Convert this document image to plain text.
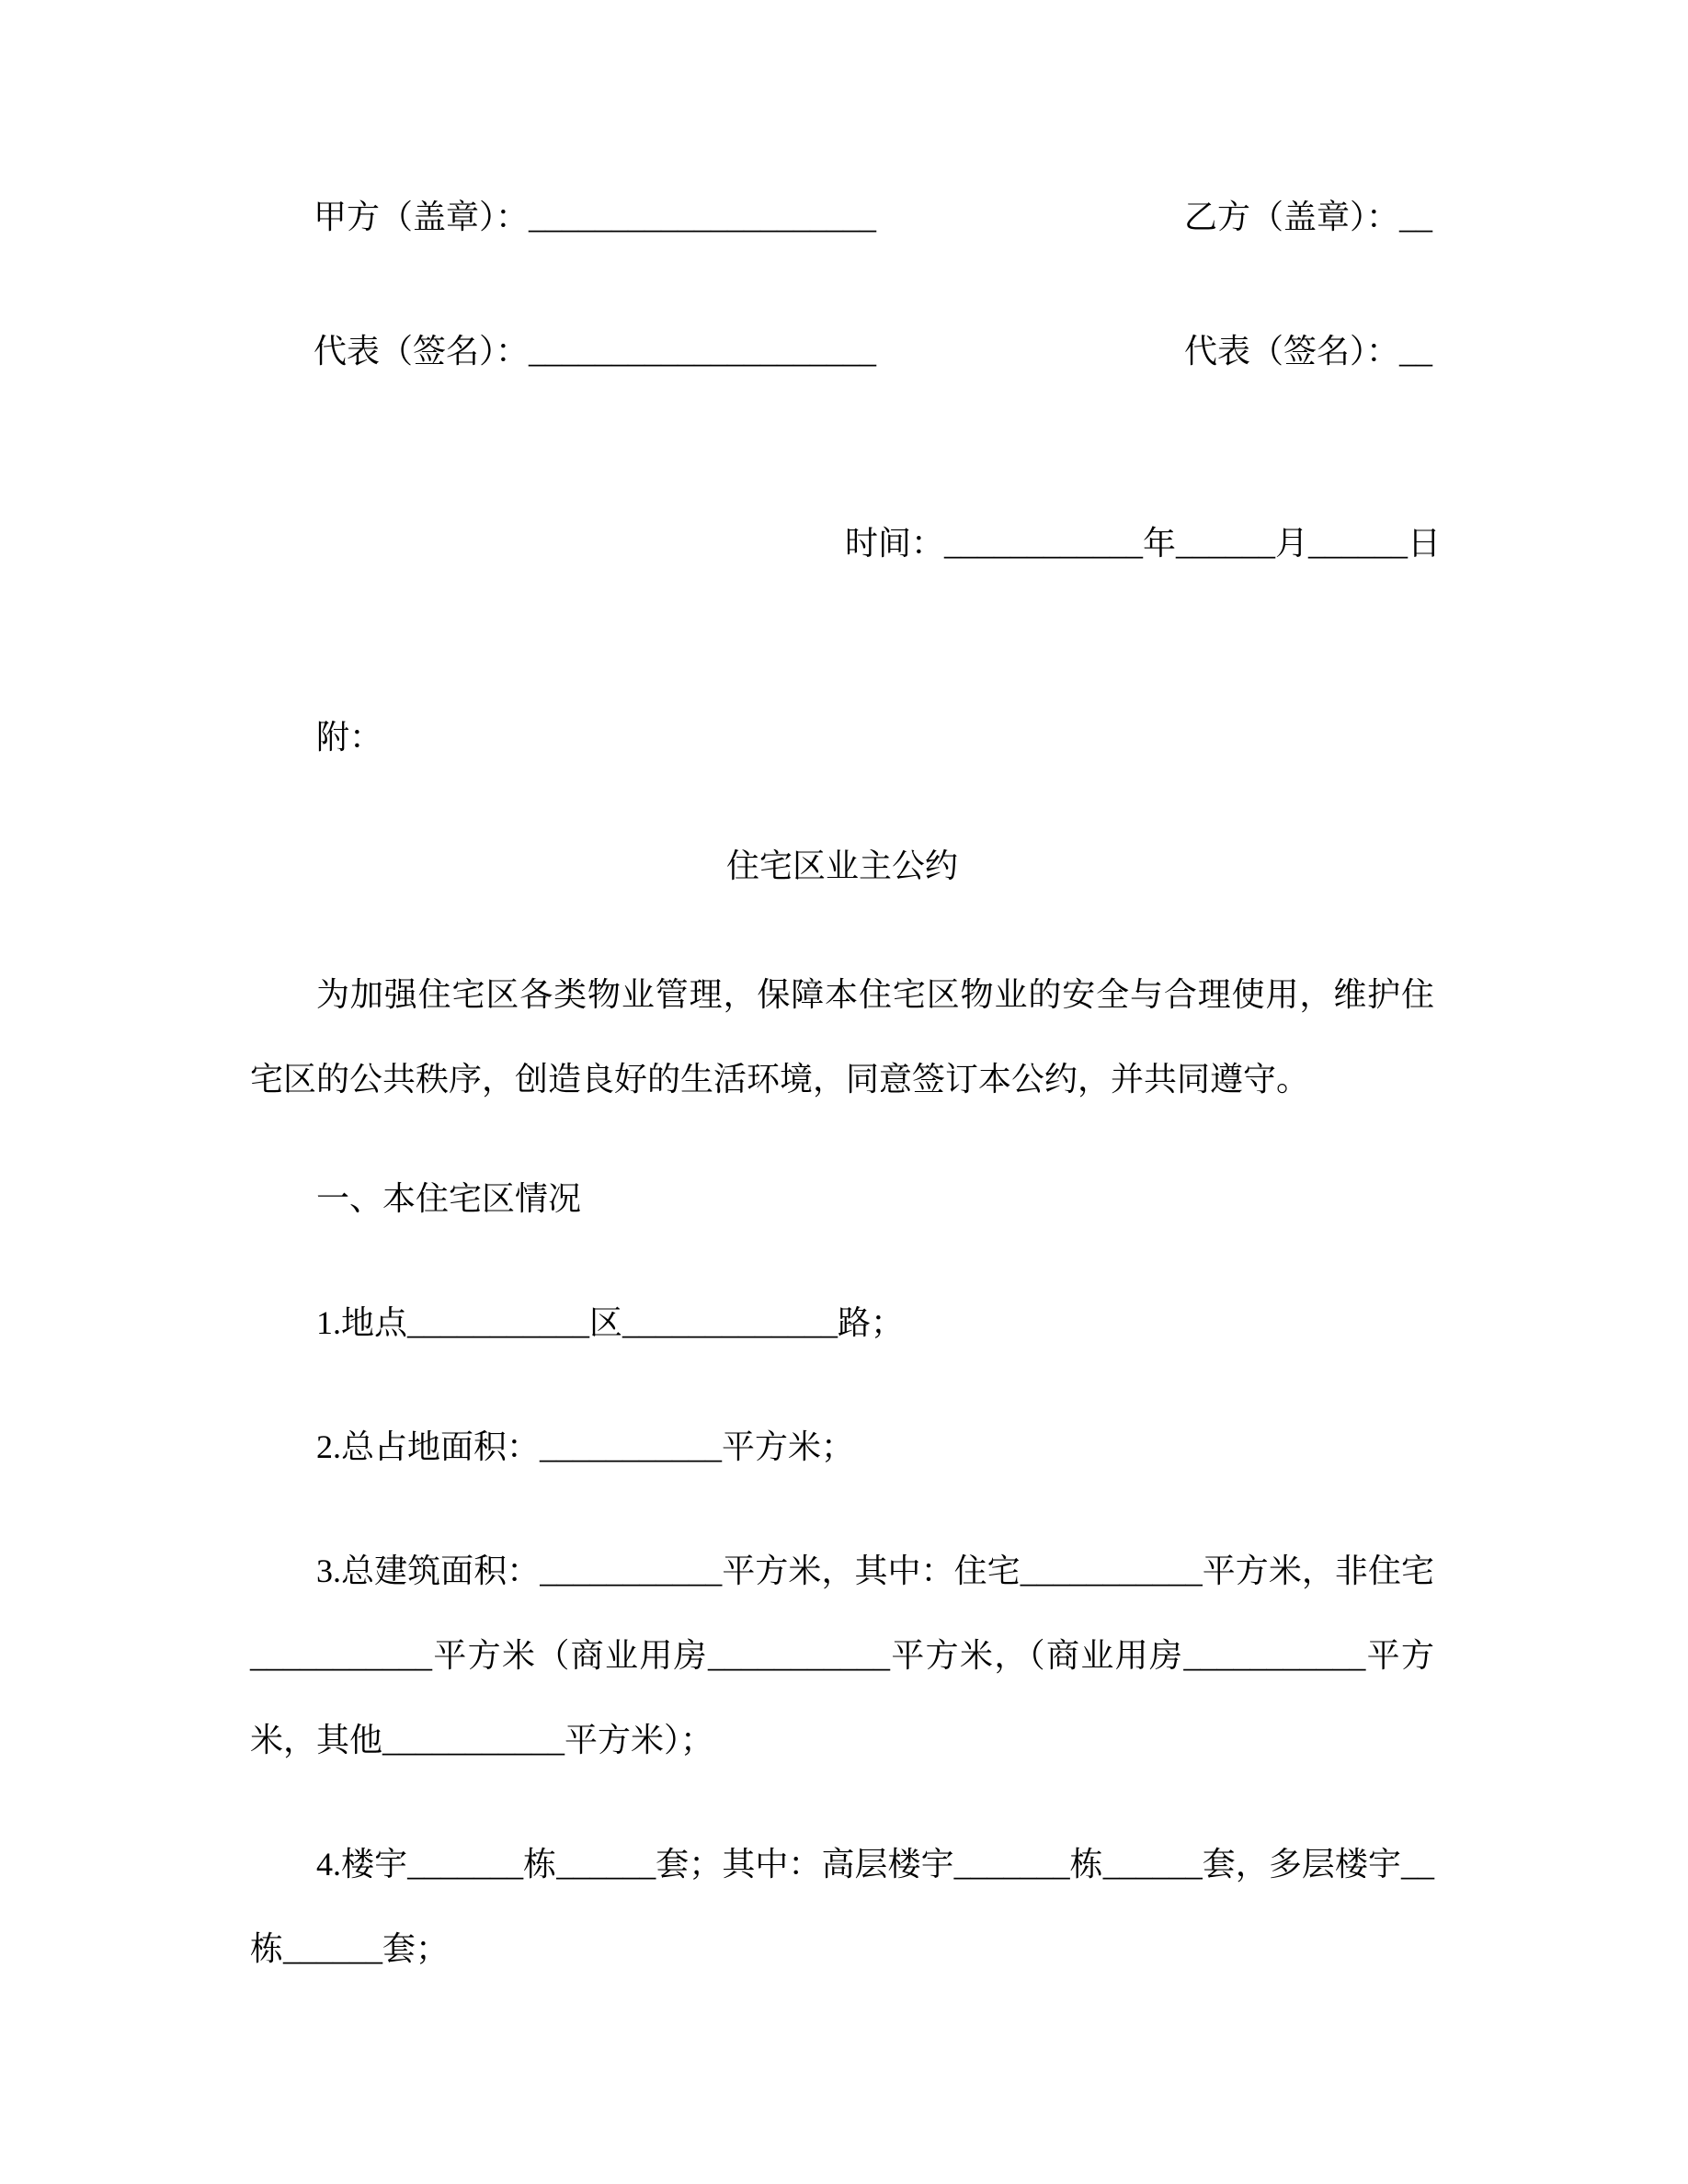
甲方（盖章）：_____________________	乙方（盖章）：__
代表（签名）：_____________________	代表（签名）：__
时间：____________年______月______日

附：

住宅区业主公约

为加强住宅区各类物业管理，保障本住宅区物业的安全与合理使用，维护住宅区的公共秩序，创造良好的生活环境，同意签订本公约，并共同遵守。

一、本住宅区情况

1.地点___________区_____________路；

2.总占地面积：___________平方米；

3.总建筑面积：___________平方米，其中：住宅___________平方米，非住宅___________平方米（商业用房___________平方米，（商业用房___________平方米，其他___________平方米）；

4.楼宇_______栋______套；其中：高层楼宇_______栋______套，多层楼宇__栋______套；
